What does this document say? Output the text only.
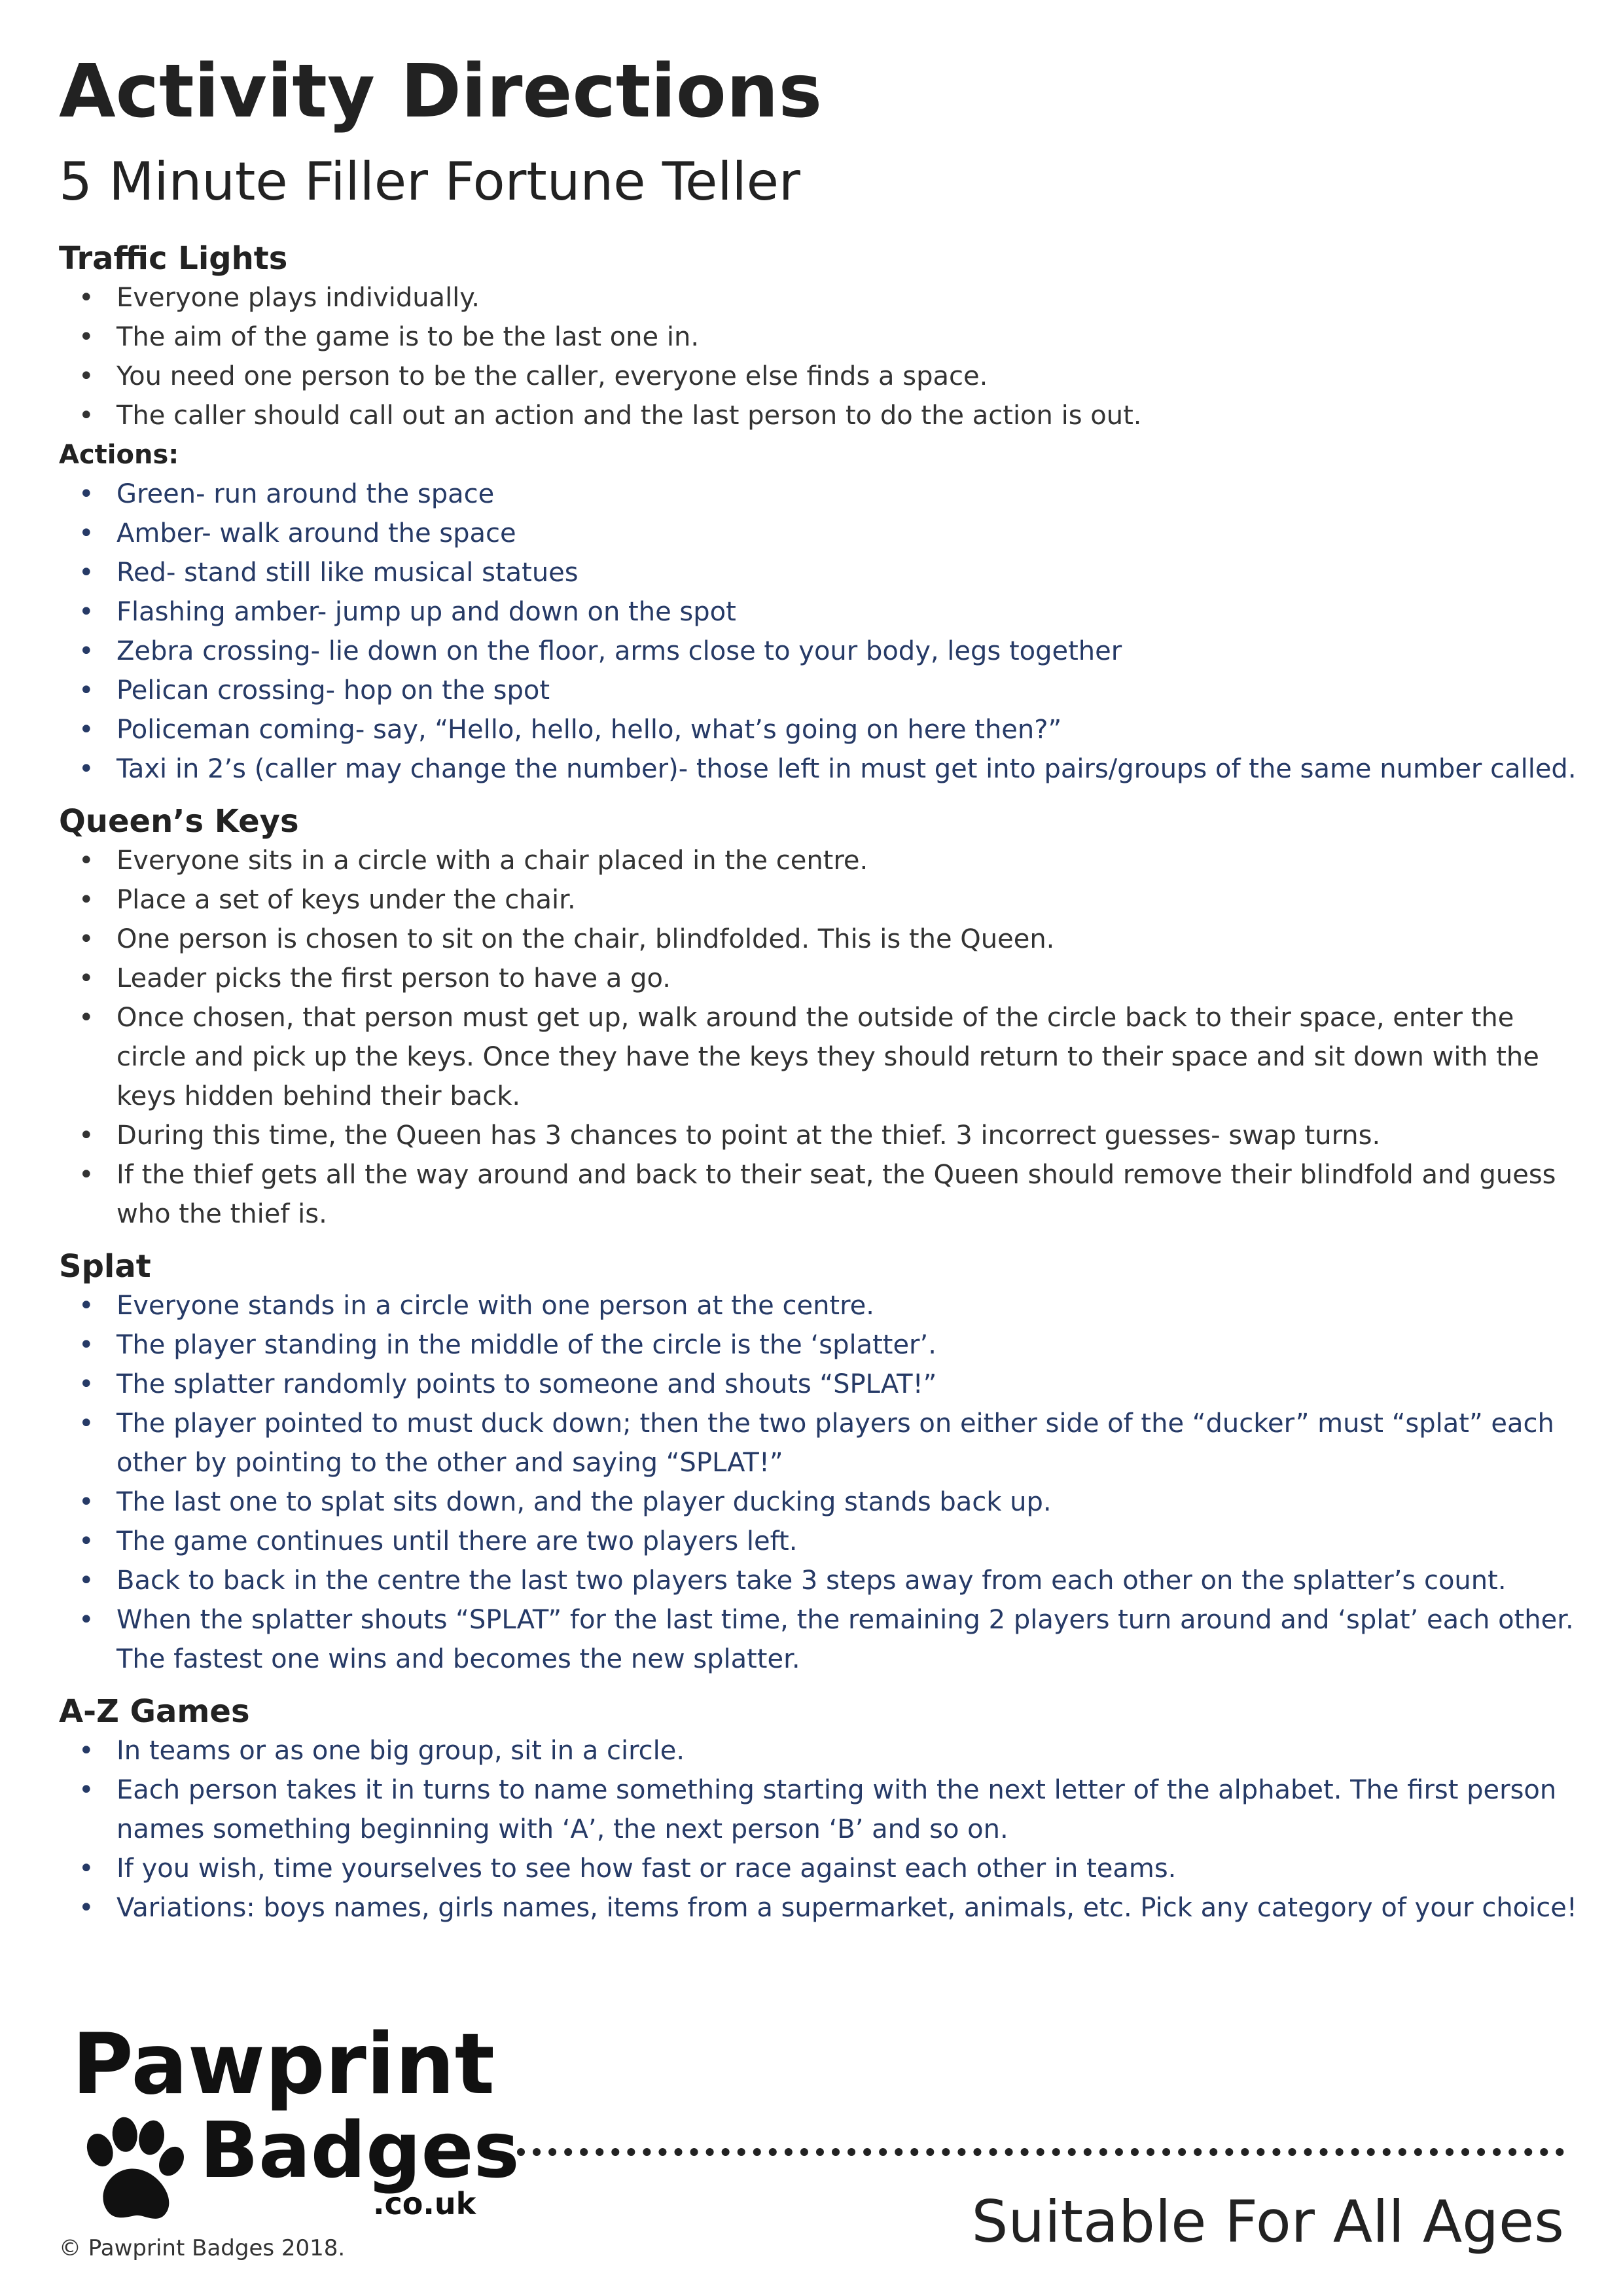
Activity Directions
5 Minute Filler Fortune Teller
Traffic Lights
• Everyone plays individually.
• The aim of the game is to be the last one in.
• You need one person to be the caller, everyone else finds a space.
• The caller should call out an action and the last person to do the action is out.
Actions:
• Green- run around the space
• Amber- walk around the space
• Red- stand still like musical statues
• Flashing amber- jump up and down on the spot
• Zebra crossing- lie down on the floor, arms close to your body, legs together
• Pelican crossing- hop on the spot
• Policeman coming- say, “Hello, hello, hello, what’s going on here then?”
• Taxi in 2’s (caller may change the number)- those left in must get into pairs/groups of the same number called.
Queen’s Keys
• Everyone sits in a circle with a chair placed in the centre.
• Place a set of keys under the chair.
• One person is chosen to sit on the chair, blindfolded. This is the Queen.
• Leader picks the first person to have a go.
• Once chosen, that person must get up, walk around the outside of the circle back to their space, enter the circle and pick up the keys. Once they have the keys they should return to their space and sit down with the keys hidden behind their back.
• During this time, the Queen has 3 chances to point at the thief. 3 incorrect guesses- swap turns.
• If the thief gets all the way around and back to their seat, the Queen should remove their blindfold and guess who the thief is.
Splat
• Everyone stands in a circle with one person at the centre.
• The player standing in the middle of the circle is the ‘splatter’.
• The splatter randomly points to someone and shouts “SPLAT!”
• The player pointed to must duck down; then the two players on either side of the “ducker” must “splat” each other by pointing to the other and saying “SPLAT!”
• The last one to splat sits down, and the player ducking stands back up.
• The game continues until there are two players left.
• Back to back in the centre the last two players take 3 steps away from each other on the splatter’s count.
• When the splatter shouts “SPLAT” for the last time, the remaining 2 players turn around and ‘splat’ each other. The fastest one wins and becomes the new splatter.
A-Z Games
• In teams or as one big group, sit in a circle.
• Each person takes it in turns to name something starting with the next letter of the alphabet. The first person names something beginning with ‘A’, the next person ‘B’ and so on.
• If you wish, time yourselves to see how fast or race against each other in teams.
• Variations: boys names, girls names, items from a supermarket, animals, etc. Pick any category of your choice!
Pawprint
Badges
.co.uk	Suitable For All Ages
© Pawprint Badges 2018.
